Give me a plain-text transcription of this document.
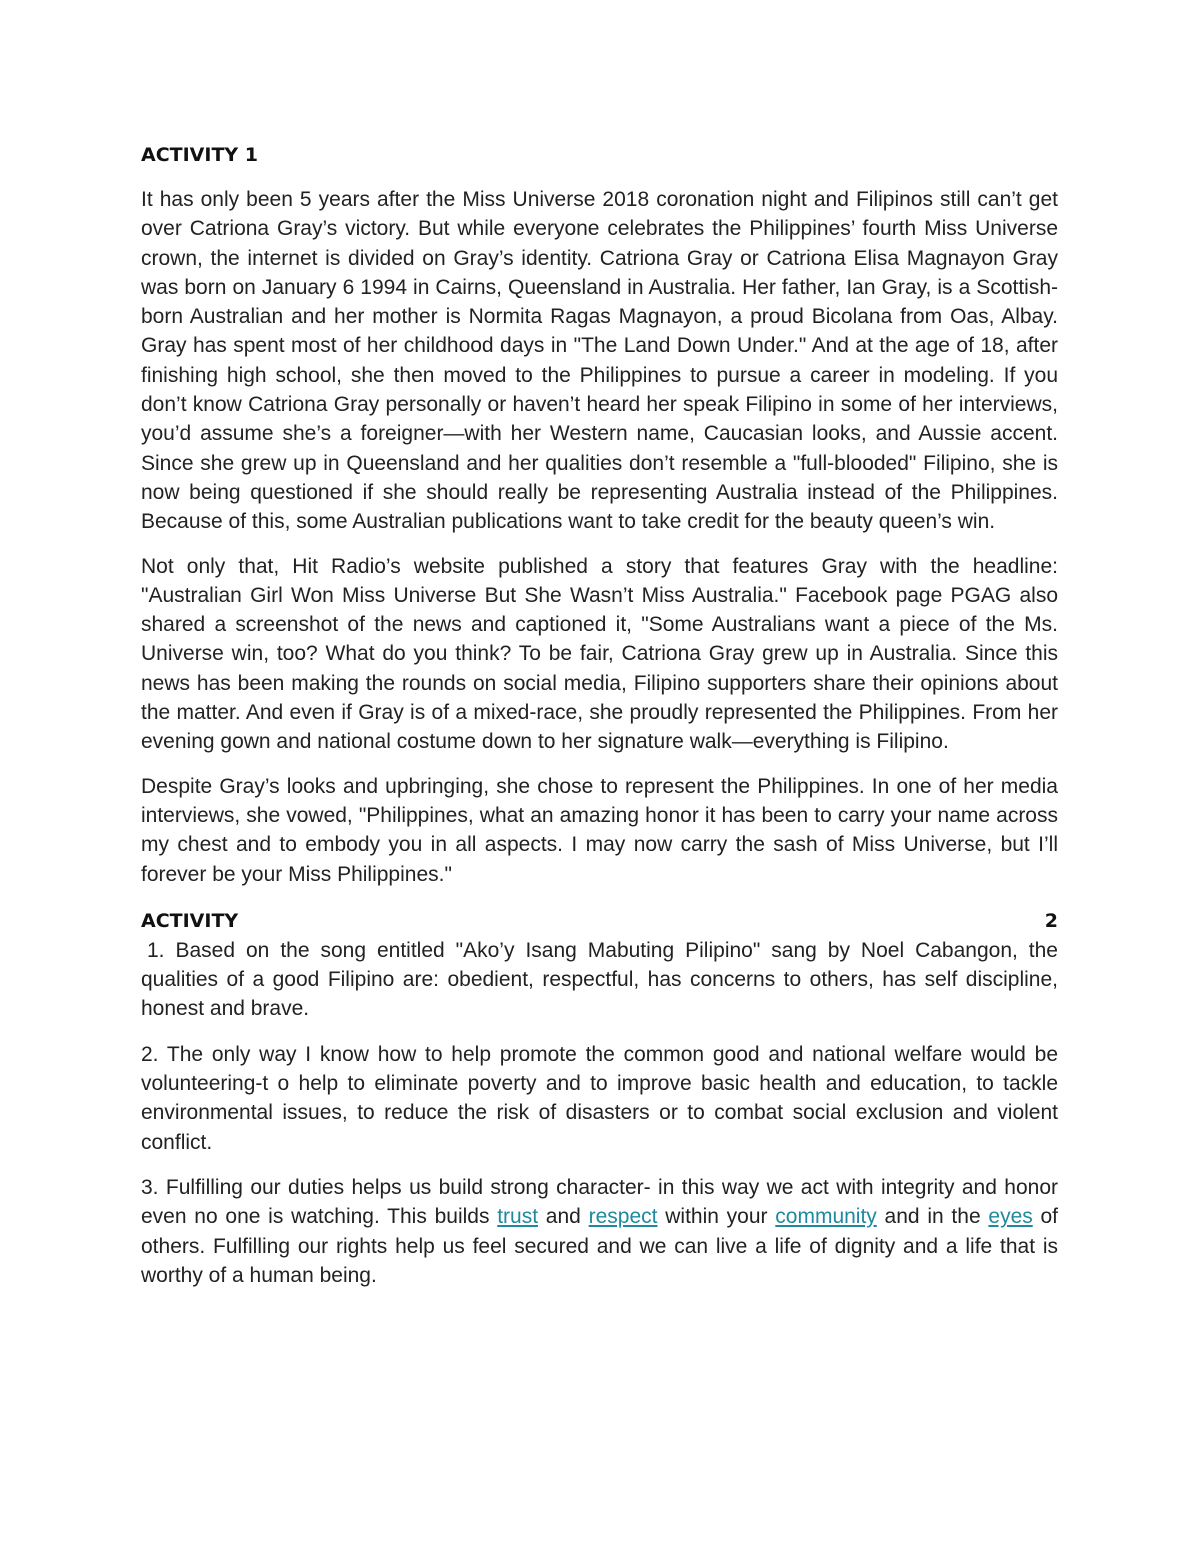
ACTIVITY 1

It has only been 5 years after the Miss Universe 2018 coronation night and Filipinos still can’t get over Catriona Gray’s victory. But while everyone celebrates the Philippines’ fourth Miss Universe crown, the internet is divided on Gray’s identity. Catriona Gray or Catriona Elisa Magnayon Gray was born on January 6 1994 in Cairns, Queensland in Australia. Her father, Ian Gray, is a Scottish-born Australian and her mother is Normita Ragas Magnayon, a proud Bicolana from Oas, Albay. Gray has spent most of her childhood days in "The Land Down Under." And at the age of 18, after finishing high school, she then moved to the Philippines to pursue a career in modeling. If you don’t know Catriona Gray personally or haven’t heard her speak Filipino in some of her interviews, you’d assume she’s a foreigner—with her Western name, Caucasian looks, and Aussie accent. Since she grew up in Queensland and her qualities don’t resemble a "full-blooded" Filipino, she is now being questioned if she should really be representing Australia instead of the Philippines. Because of this, some Australian publications want to take credit for the beauty queen’s win.

Not only that, Hit Radio’s website published a story that features Gray with the headline: "Australian Girl Won Miss Universe But She Wasn’t Miss Australia." Facebook page PGAG also shared a screenshot of the news and captioned it, "Some Australians want a piece of the Ms. Universe win, too? What do you think? To be fair, Catriona Gray grew up in Australia. Since this news has been making the rounds on social media, Filipino supporters share their opinions about the matter. And even if Gray is of a mixed-race, she proudly represented the Philippines. From her evening gown and national costume down to her signature walk—everything is Filipino.

Despite Gray’s looks and upbringing, she chose to represent the Philippines. In one of her media interviews, she vowed, "Philippines, what an amazing honor it has been to carry your name across my chest and to embody you in all aspects. I may now carry the sash of Miss Universe, but I’ll forever be your Miss Philippines."

ACTIVITY	2

1. Based on the song entitled "Ako’y Isang Mabuting Pilipino" sang by Noel Cabangon, the qualities of a good Filipino are: obedient, respectful, has concerns to others, has self discipline, honest and brave.

2. The only way I know how to help promote the common good and national welfare would be volunteering-t o help to eliminate poverty and to improve basic health and education, to tackle environmental issues, to reduce the risk of disasters or to combat social exclusion and violent conflict.

3. Fulfilling our duties helps us build strong character- in this way we act with integrity and honor even no one is watching. This builds trust and respect within your community and in the eyes of others. Fulfilling our rights help us feel secured and we can live a life of dignity and a life that is worthy of a human being.
